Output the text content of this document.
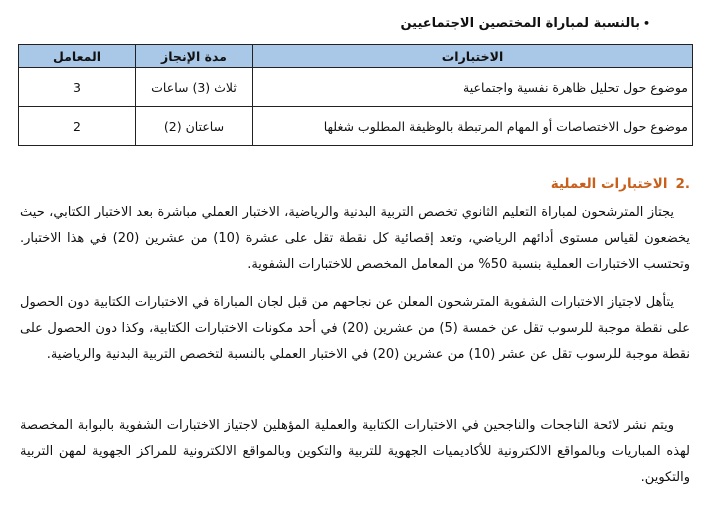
•بالنسبة لمباراة المختصين الاجتماعيين
الاختبارات	مدة الإنجاز	المعامل
موضوع حول تحليل ظاهرة نفسية واجتماعية	ثلاث (3) ساعات	3
موضوع حول الاختصاصات أو المهام المرتبطة بالوظيفة المطلوب شغلها	ساعتان (2)	2
.2الاختبارات العملية

يجتاز المترشحون لمباراة التعليم الثانوي تخصص التربية البدنية والرياضية، الاختبار العملي مباشرة بعد الاختبار الكتابي، حيث يخضعون لقياس مستوى أدائهم الرياضي، وتعد إقصائية كل نقطة تقل على عشرة (10) من عشرين (20) في هذا الاختبار. وتحتسب الاختبارات العملية بنسبة 50% من المعامل المخصص للاختبارات الشفوية.

يتأهل لاجتياز الاختبارات الشفوية المترشحون المعلن عن نجاحهم من قبل لجان المباراة في الاختبارات الكتابية دون الحصول على نقطة موجبة للرسوب تقل عن خمسة (5) من عشرين (20) في أحد مكونات الاختبارات الكتابية، وكذا دون الحصول على نقطة موجبة للرسوب تقل عن عشر (10) من عشرين (20) في الاختبار العملي بالنسبة لتخصص التربية البدنية والرياضية.

ويتم نشر لائحة الناجحات والناجحين في الاختبارات الكتابية والعملية المؤهلين لاجتياز الاختبارات الشفوية بالبوابة المخصصة لهذه المباريات وبالمواقع الالكترونية للأكاديميات الجهوية للتربية والتكوين وبالمواقع الالكترونية للمراكز الجهوية لمهن التربية والتكوين.
